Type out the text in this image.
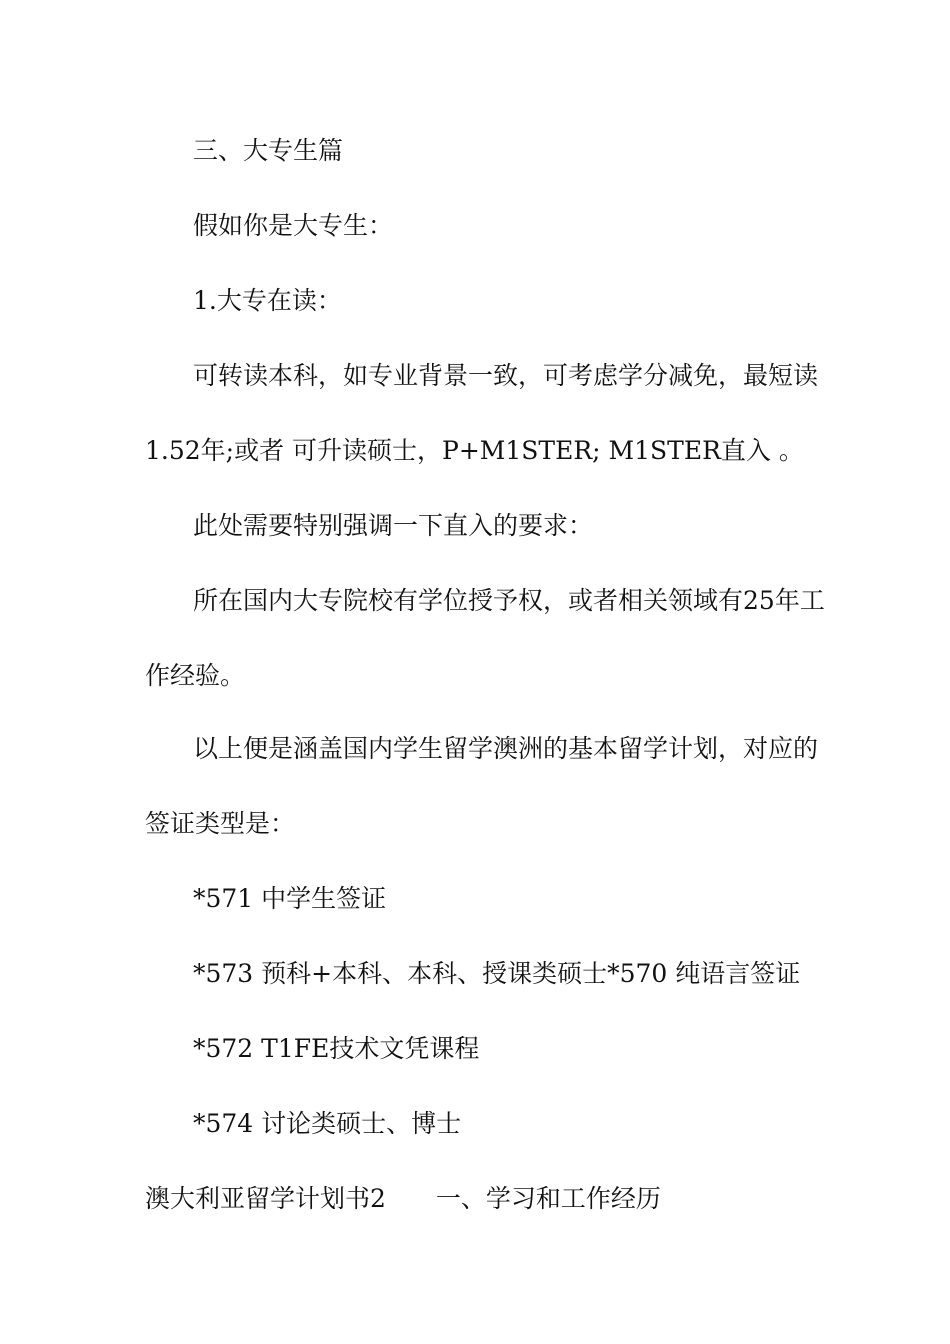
三、大专生篇
假如你是大专生：
1.大专在读：
可转读本科，如专业背景一致，可考虑学分减免，最短读
1.52年;或者 可升读硕士，P+M1STER; M1STER直入 。
此处需要特别强调一下直入的要求：
所在国内大专院校有学位授予权，或者相关领域有25年工
作经验。
以上便是涵盖国内学生留学澳洲的基本留学计划，对应的
签证类型是：
*571 中学生签证
*573 预科+本科、本科、授课类硕士*570 纯语言签证
*572 T1FE技术文凭课程
*574 讨论类硕士、博士
澳大利亚留学计划书2　　一、学习和工作经历
